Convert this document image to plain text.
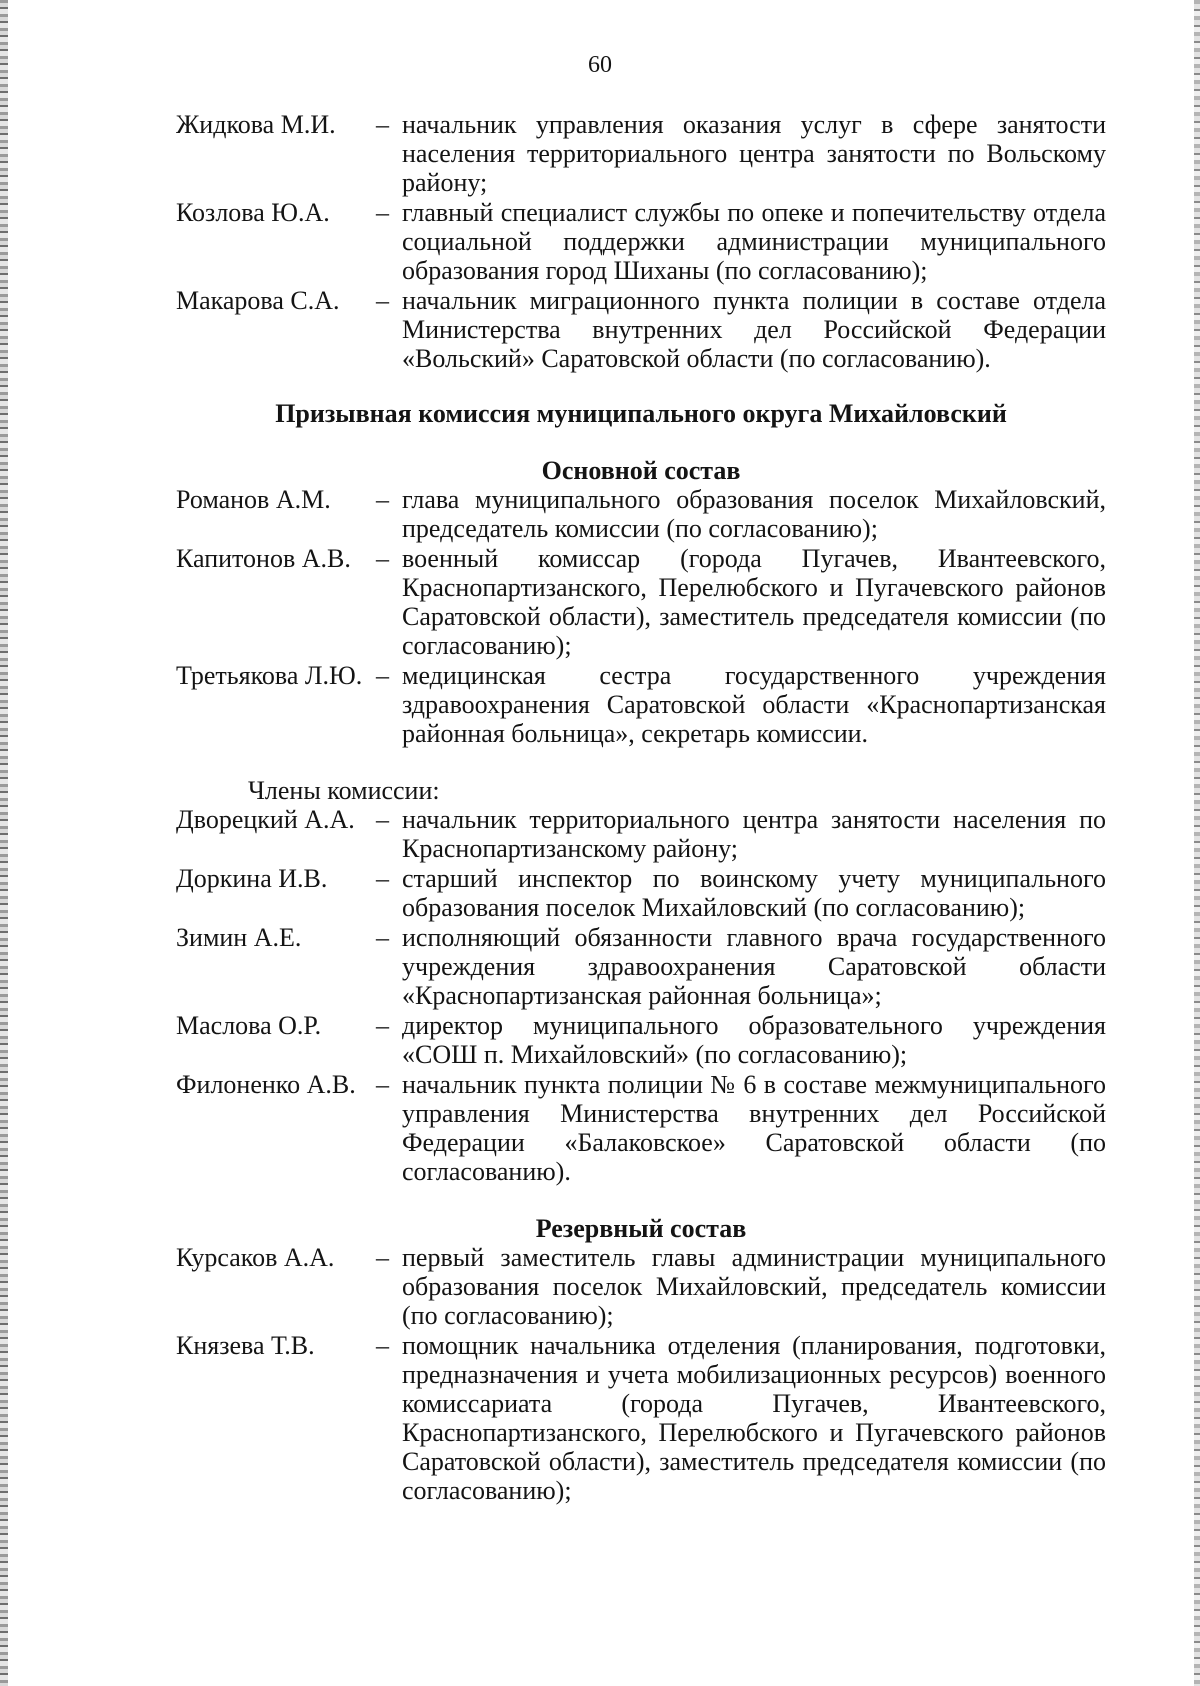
60
Жидкова М.И.	– начальник управления оказания услуг в сфере занятости населения территориального центра занятости по Вольскому району;
Козлова Ю.А.	– главный специалист службы по опеке и попечительству отдела социальной поддержки администрации муниципального образования город Шиханы (по согласованию);
Макарова С.А.	– начальник миграционного пункта полиции в составе отдела Министерства внутренних дел Российской Федерации «Вольский» Саратовской области (по согласованию).
Призывная комиссия муниципального округа Михайловский
Основной состав
Романов А.М.	– глава муниципального образования поселок Михайловский, председатель комиссии (по согласованию);
Капитонов А.В. – военный комиссар (города Пугачев, Ивантеевского, Краснопартизанского, Перелюбского и Пугачевского районов Саратовской области), заместитель председателя комиссии (по согласованию);
Третьякова Л.Ю. – медицинская сестра государственного учреждения здравоохранения Саратовской области «Краснопартизанская районная больница», секретарь комиссии.
Члены комиссии:
Дворецкий А.А. – начальник территориального центра занятости населения по Краснопартизанскому району;
Доркина И.В.	– старший инспектор по воинскому учету муниципального образования поселок Михайловский (по согласованию);
Зимин А.Е.	– исполняющий обязанности главного врача государственного учреждения здравоохранения Саратовской области «Краснопартизанская районная больница»;
Маслова О.Р.	– директор муниципального образовательного учреждения «СОШ п. Михайловский» (по согласованию);
Филоненко А.В. – начальник пункта полиции № 6 в составе межмуниципального управления Министерства внутренних дел Российской Федерации «Балаковское» Саратовской области (по согласованию).
Резервный состав
Курсаков А.А.	– первый заместитель главы администрации муниципального образования поселок Михайловский, председатель комиссии (по согласованию);
Князева Т.В.	– помощник начальника отделения (планирования, подготовки, предназначения и учета мобилизационных ресурсов) военного комиссариата (города Пугачев, Ивантеевского, Краснопартизанского, Перелюбского и Пугачевского районов Саратовской области), заместитель председателя комиссии (по согласованию);
